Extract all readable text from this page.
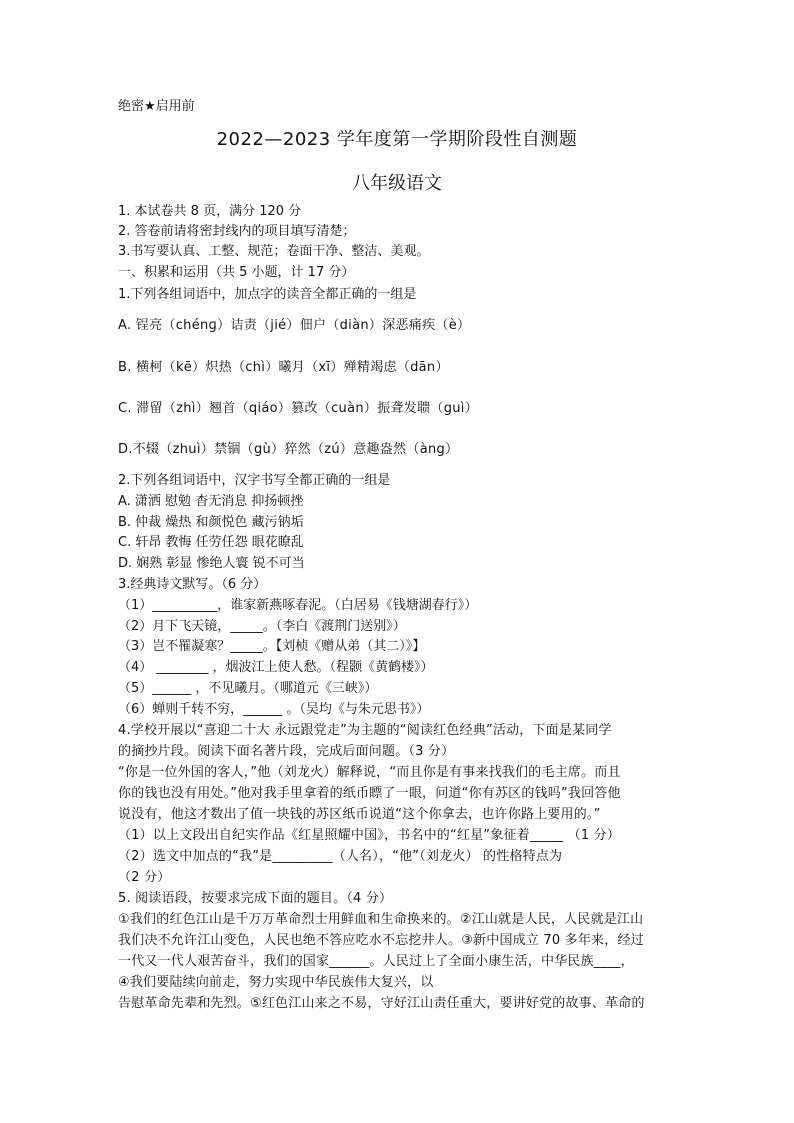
绝密★启用前
2022—2023 学年度第一学期阶段性自测题
八年级语文
1. 本试卷共 8 页，满分 120 分
2. 答卷前请将密封线内的项目填写清楚；
3.书写要认真、工整、规范；卷面干净、整洁、美观。
一、积累和运用（共 5 小题，计 17 分）
1.下列各组词语中，加点字的读音全都正确的一组是
A. 锃亮（chénɡ）诘责（jié）佃户（diàn）深恶痛疾（è）
B. 横柯（kē）炽热（chì）曦月（xī）殚精竭虑（dān）
C. 滞留（zhì）翘首（qiáo）篡改（cuàn）振聋发聩（guì）
D.不辍（zhuì）禁锢（gù）猝然（zú）意趣盎然（àng）
2.下列各组词语中，汉字书写全都正确的一组是
A. 潇洒 慰勉 杳无消息 抑扬顿挫
B. 仲裁 燥热 和颜悦色 藏污钠垢
C. 轩昂 教悔 任劳任怨 眼花瞭乱
D. 娴熟 彰显 惨绝人寰 锐不可当
3.经典诗文默写。（6 分）
（1）__________，谁家新燕啄春泥。（白居易《钱塘湖春行》）
（2）月下飞天镜，_____。（李白《渡荆门送别》）
（3）岂不罹凝寒？_____。【刘桢《赠从弟（其二）》】
（4） ________ ，烟波江上使人愁。（程颢《黄鹤楼》）
（5）______ ，不见曦月。（哪道元《三峡》）
（6）蝉则千转不穷，______ 。（吴均《与朱元思书》）
4.学校开展以“喜迎二十大 永远跟党走”为主题的“阅读红色经典”活动，下面是某同学
的摘抄片段。阅读下面名著片段，完成后面问题。（3 分）
“你是一位外国的客人，”他（刘龙火）解释说，“而且你是有事来找我们的毛主席。而且
你的钱也没有用处。”他对我手里拿着的纸币瞟了一眼，问道“你有苏区的钱吗”我回答他
说没有，他这才数出了值一块钱的苏区纸币说道“这个你拿去，也许你路上要用的。”
（1）以上文段出自纪实作品《红星照耀中国》，书名中的“红星”象征着_____ （1 分）
（2）选文中加点的“我”是_________（人名），“他”（刘龙火） 的性格特点为
（2 分）
5. 阅读语段，按要求完成下面的题目。（4 分）
①我们的红色江山是千万万革命烈士用鲜血和生命换来的。②江山就是人民，人民就是江山
我们决不允许江山变色，人民也绝不答应吃水不忘挖井人。③新中国成立 70 多年来，经过
一代又一代人艰苦奋斗，我们的国家______。人民过上了全面小康生活，中华民族____，
④我们要陆续向前走，努力实现中华民族伟大复兴，以
告慰革命先辈和先烈。⑤红色江山来之不易，守好江山责任重大，要讲好党的故事、革命的
